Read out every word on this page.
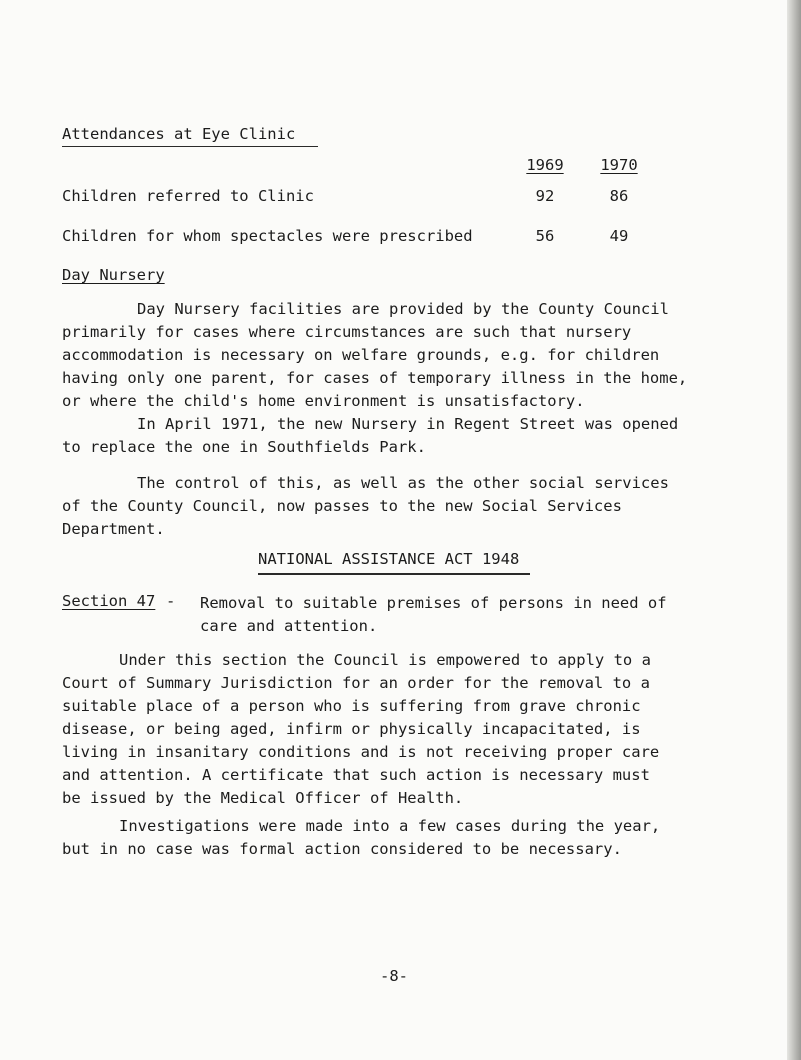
Attendances at Eye Clinic
1969	1970
Children referred to Clinic	92	86
Children for whom spectacles were prescribed	56	49
Day Nursery
Day Nursery facilities are provided by the County Council
primarily for cases where circumstances are such that nursery
accommodation is necessary on welfare grounds, e.g. for children
having only one parent, for cases of temporary illness in the home,
or where the child's home environment is unsatisfactory.
In April 1971, the new Nursery in Regent Street was opened
to replace the one in Southfields Park.
The control of this, as well as the other social services
of the County Council, now passes to the new Social Services
Department.
NATIONAL ASSISTANCE ACT 1948
Section 47 - Removal to suitable premises of persons in need of
care and attention.
Under this section the Council is empowered to apply to a
Court of Summary Jurisdiction for an order for the removal to a
suitable place of a person who is suffering from grave chronic
disease, or being aged, infirm or physically incapacitated, is
living in insanitary conditions and is not receiving proper care
and attention. A certificate that such action is necessary must
be issued by the Medical Officer of Health.
Investigations were made into a few cases during the year,
but in no case was formal action considered to be necessary.
-8-
